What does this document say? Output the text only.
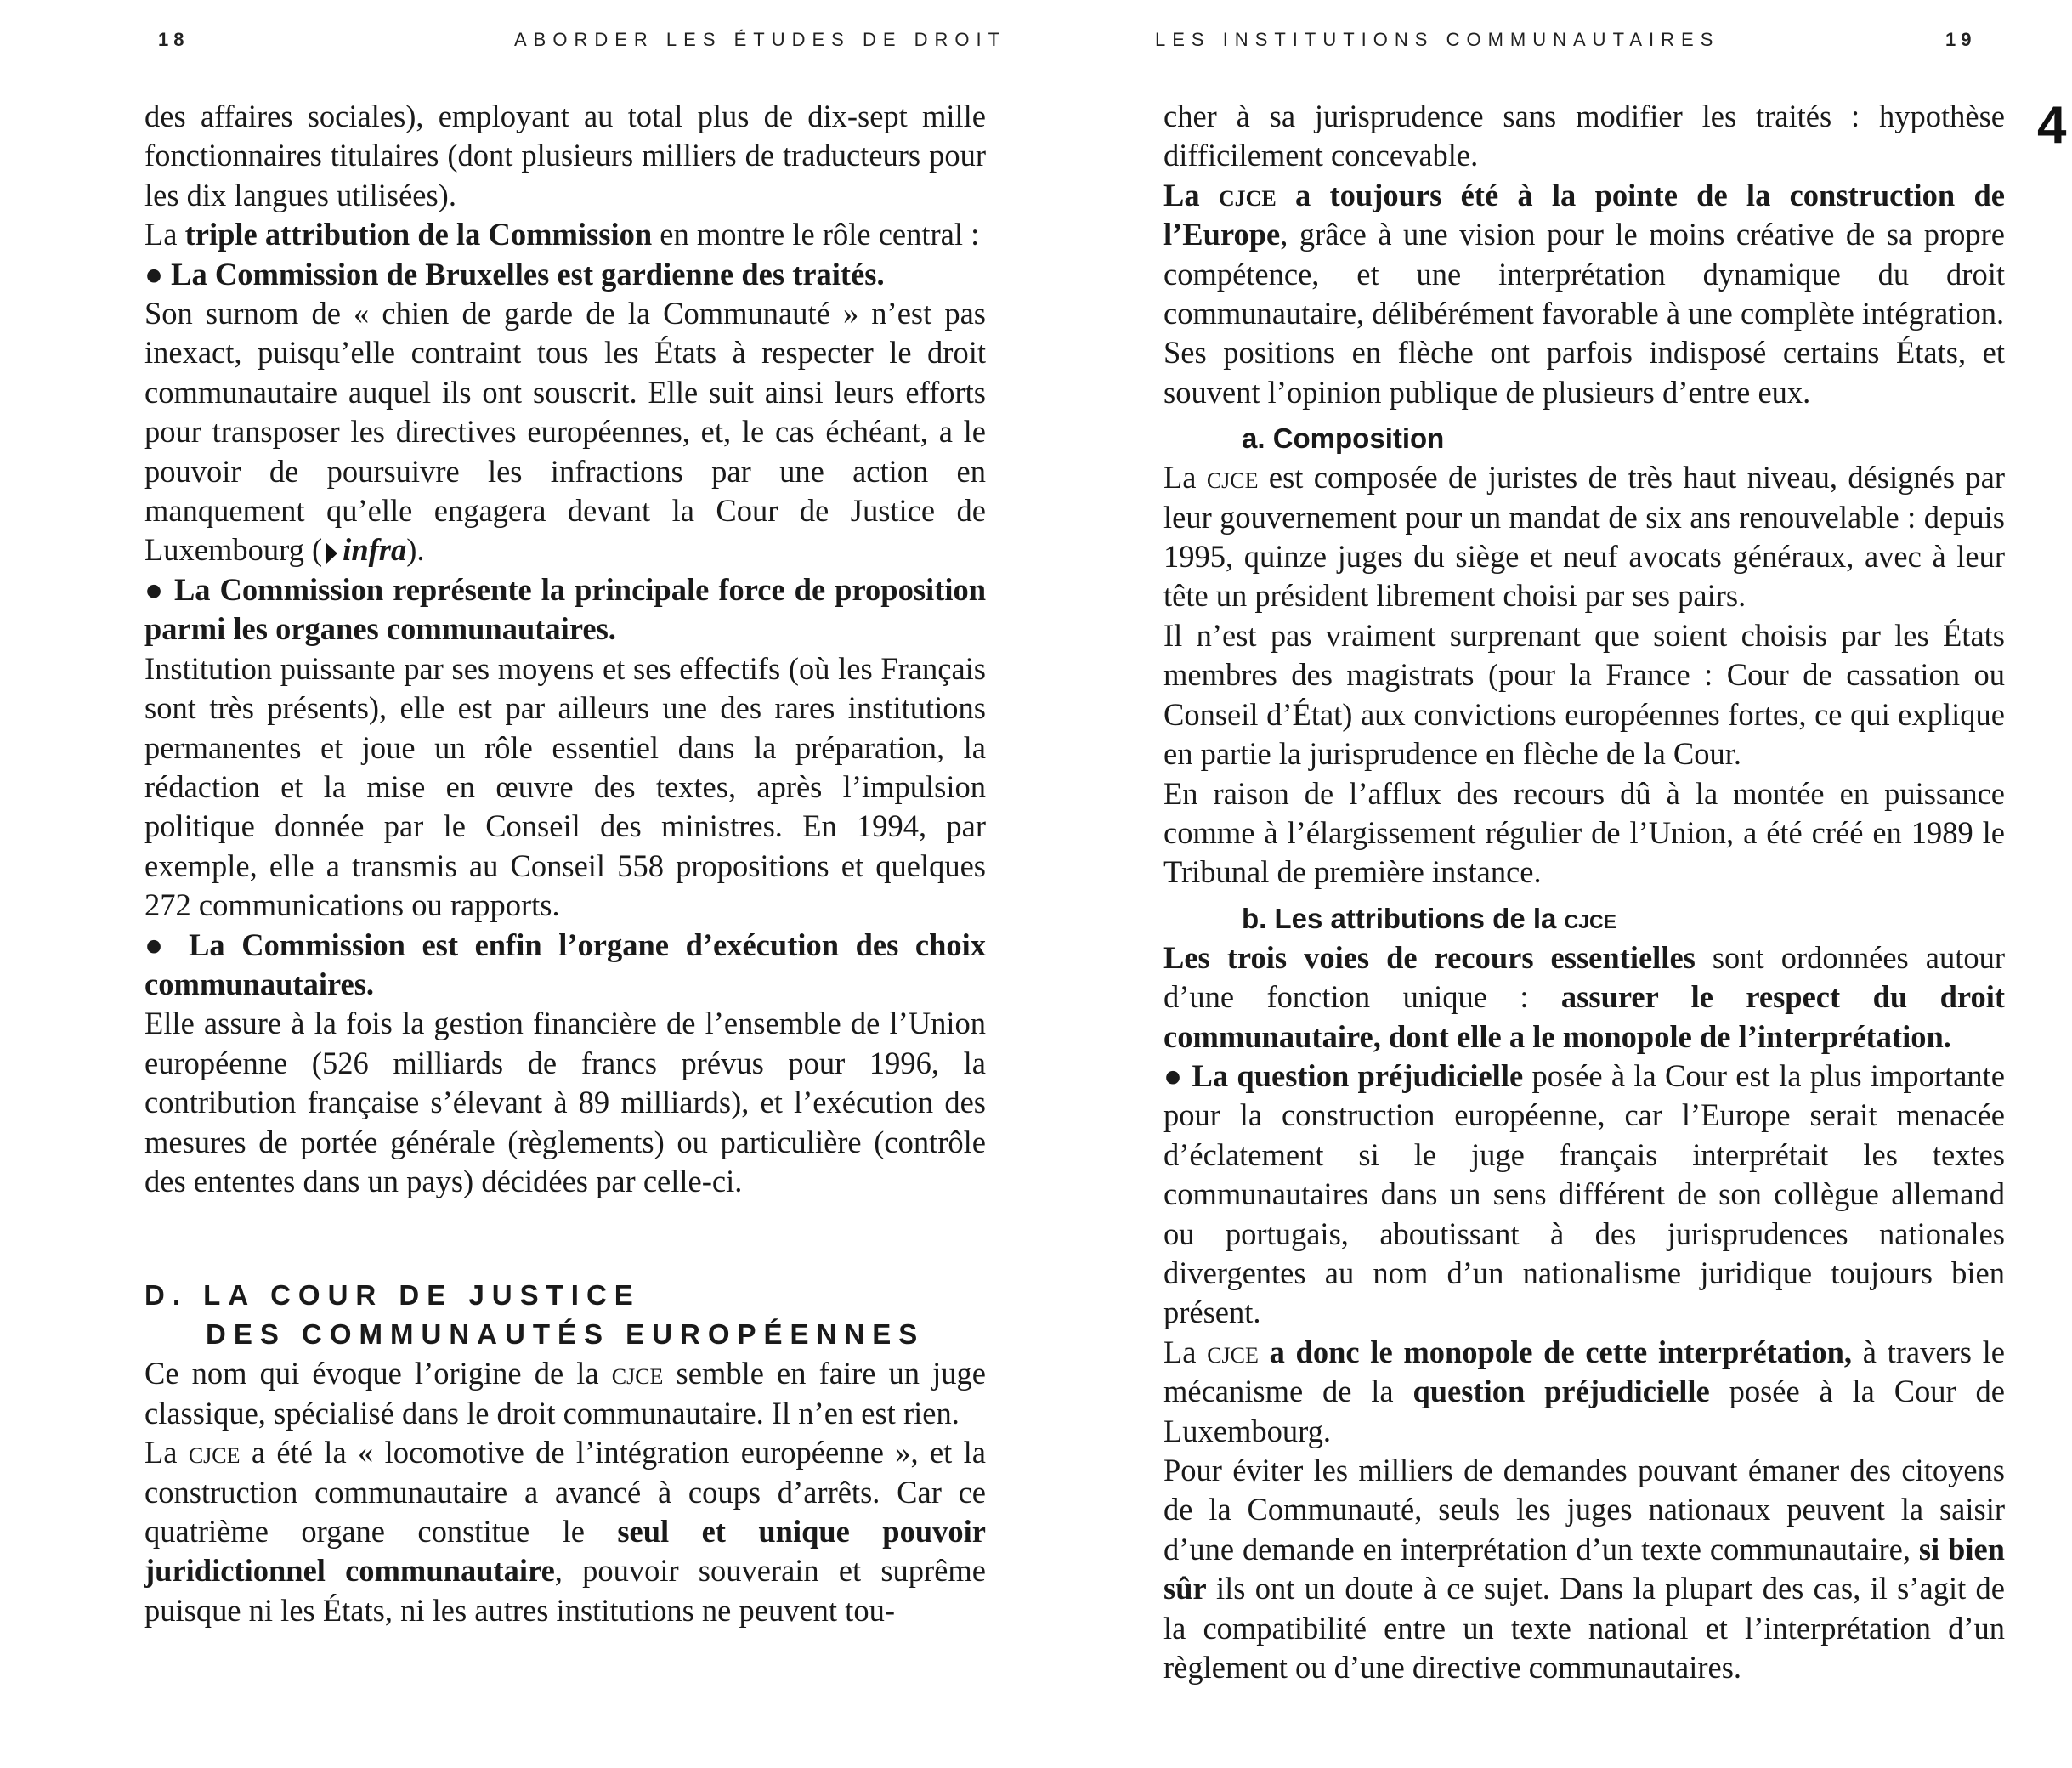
18	ABORDER LES ÉTUDES DE DROIT

des affaires sociales), employant au total plus de dix-sept mille fonctionnaires titulaires (dont plusieurs milliers de traducteurs pour les dix langues utilisées).

La triple attribution de la Commission en montre le rôle central :

● La Commission de Bruxelles est gardienne des traités.

Son surnom de « chien de garde de la Communauté » n’est pas inexact, puisqu’elle contraint tous les États à respecter le droit communautaire auquel ils ont souscrit. Elle suit ainsi leurs efforts pour transposer les directives européennes, et, le cas échéant, a le pouvoir de poursuivre les infractions par une action en manquement qu’elle engagera devant la Cour de Justice de Luxembourg ( infra).

● La Commission représente la principale force de proposition parmi les organes communautaires.

Institution puissante par ses moyens et ses effectifs (où les Français sont très présents), elle est par ailleurs une des rares institutions permanentes et joue un rôle essentiel dans la préparation, la rédaction et la mise en œuvre des textes, après l’impulsion politique donnée par le Conseil des ministres. En 1994, par exemple, elle a transmis au Conseil 558 propositions et quelques 272 communications ou rapports.

● La Commission est enfin l’organe d’exécution des choix communautaires.

Elle assure à la fois la gestion financière de l’ensemble de l’Union européenne (526 milliards de francs prévus pour 1996, la contribution française s’élevant à 89 milliards), et l’exécution des mesures de portée générale (règlements) ou particulière (contrôle des ententes dans un pays) décidées par celle-ci.

D. LA COUR DE JUSTICE
DES COMMUNAUTÉS EUROPÉENNES

Ce nom qui évoque l’origine de la cjce semble en faire un juge classique, spécialisé dans le droit communautaire. Il n’en est rien.

La cjce a été la « locomotive de l’intégration européenne », et la construction communautaire a avancé à coups d’arrêts. Car ce quatrième organe constitue le seul et unique pouvoir juridictionnel communautaire, pouvoir souverain et suprême puisque ni les États, ni les autres institutions ne peuvent tou-

LES INSTITUTIONS COMMUNAUTAIRES	19
4

cher à sa jurisprudence sans modifier les traités : hypothèse difficilement concevable.

La cjce a toujours été à la pointe de la construction de l’Europe, grâce à une vision pour le moins créative de sa propre compétence, et une interprétation dynamique du droit communautaire, délibérément favorable à une complète intégration.

Ses positions en flèche ont parfois indisposé certains États, et souvent l’opinion publique de plusieurs d’entre eux.

a. Composition

La cjce est composée de juristes de très haut niveau, désignés par leur gouvernement pour un mandat de six ans renouvelable : depuis 1995, quinze juges du siège et neuf avocats généraux, avec à leur tête un président librement choisi par ses pairs.

Il n’est pas vraiment surprenant que soient choisis par les États membres des magistrats (pour la France : Cour de cassation ou Conseil d’État) aux convictions européennes fortes, ce qui explique en partie la jurisprudence en flèche de la Cour.

En raison de l’afflux des recours dû à la montée en puissance comme à l’élargissement régulier de l’Union, a été créé en 1989 le Tribunal de première instance.

b. Les attributions de la cjce

Les trois voies de recours essentielles sont ordonnées autour d’une fonction unique : assurer le respect du droit communautaire, dont elle a le monopole de l’interprétation.

● La question préjudicielle posée à la Cour est la plus importante pour la construction européenne, car l’Europe serait menacée d’éclatement si le juge français interprétait les textes communautaires dans un sens différent de son collègue allemand ou portugais, aboutissant à des jurisprudences nationales divergentes au nom d’un nationalisme juridique toujours bien présent.

La cjce a donc le monopole de cette interprétation, à travers le mécanisme de la question préjudicielle posée à la Cour de Luxembourg.

Pour éviter les milliers de demandes pouvant émaner des citoyens de la Communauté, seuls les juges nationaux peuvent la saisir d’une demande en interprétation d’un texte communautaire, si bien sûr ils ont un doute à ce sujet. Dans la plupart des cas, il s’agit de la compatibilité entre un texte national et l’interprétation d’un règlement ou d’une directive communautaires.
